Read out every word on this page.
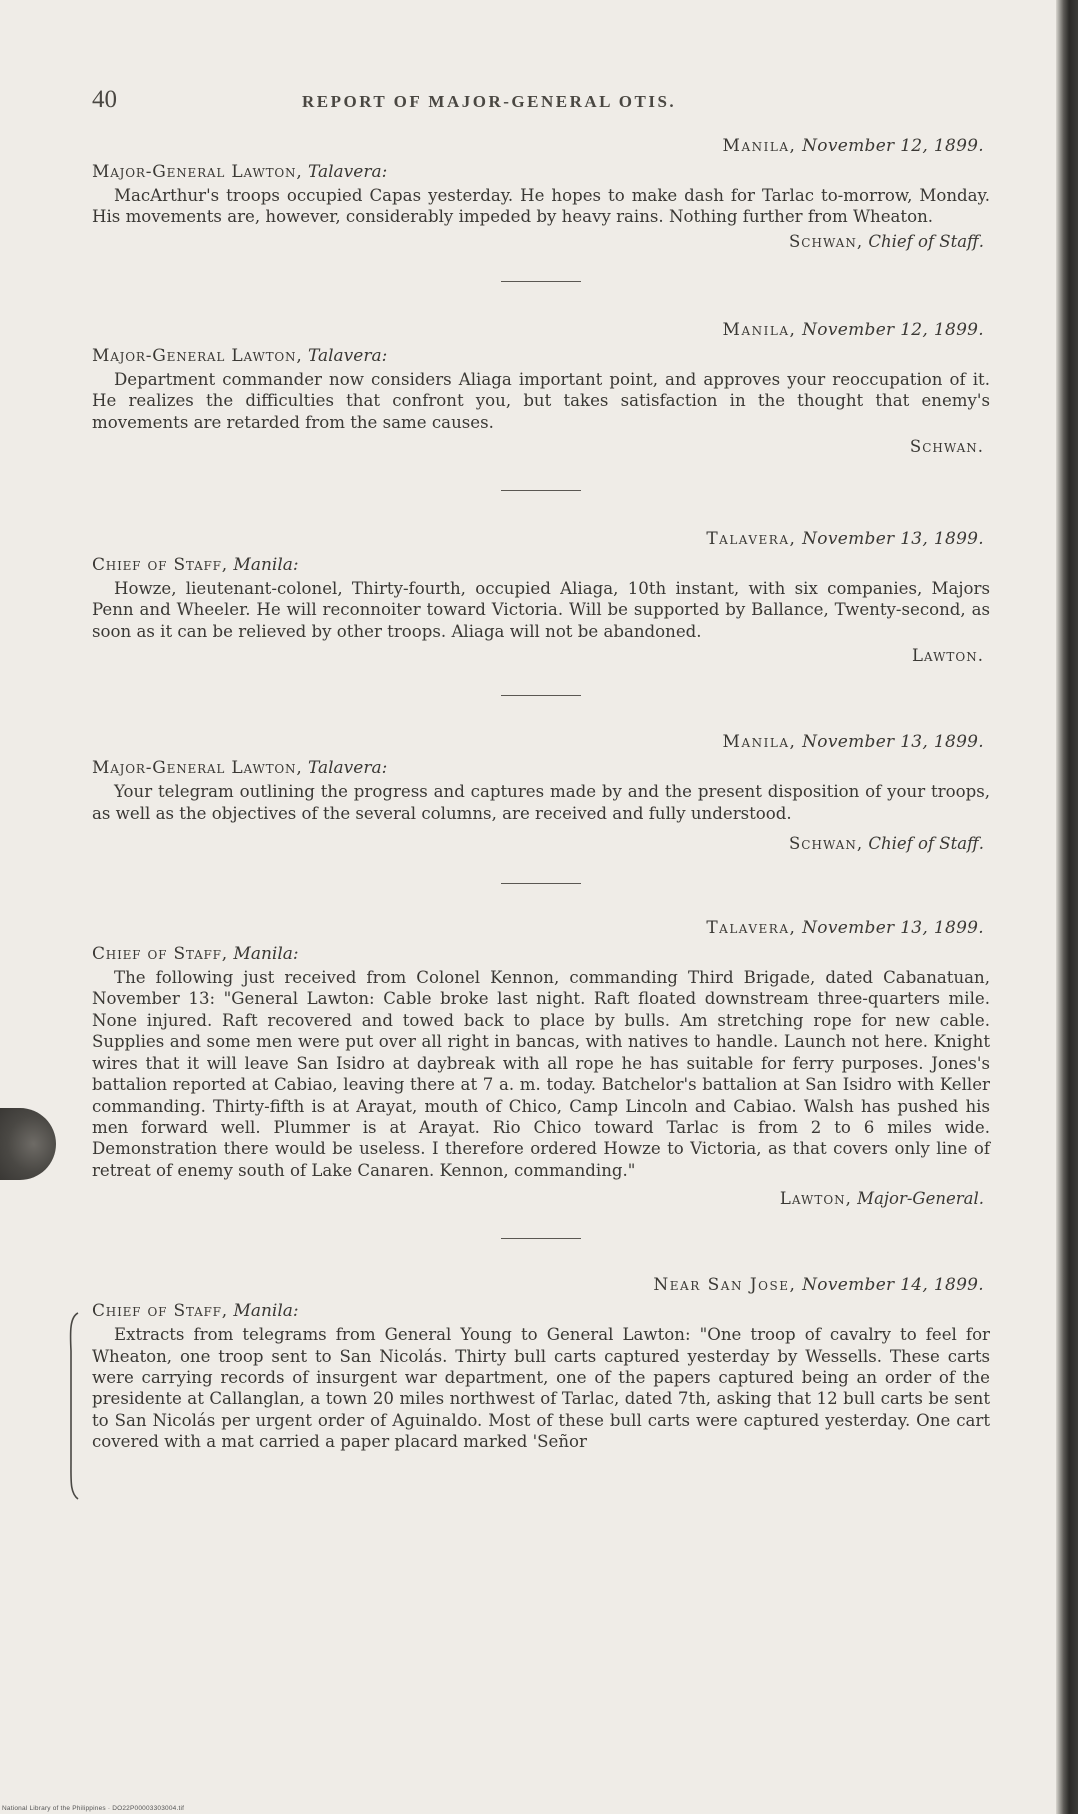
40	REPORT OF MAJOR-GENERAL OTIS.
Manila, November 12, 1899.
Major-General Lawton, Talavera:

MacArthur's troops occupied Capas yesterday. He hopes to make dash for Tarlac to-morrow, Monday. His movements are, however, considerably impeded by heavy rains. Nothing further from Wheaton.

Schwan, Chief of Staff.
Manila, November 12, 1899.
Major-General Lawton, Talavera:

Department commander now considers Aliaga important point, and approves your reoccupation of it. He realizes the difficulties that confront you, but takes satisfaction in the thought that enemy's movements are retarded from the same causes.

Schwan.
Talavera, November 13, 1899.
Chief of Staff, Manila:

Howze, lieutenant-colonel, Thirty-fourth, occupied Aliaga, 10th instant, with six companies, Majors Penn and Wheeler. He will reconnoiter toward Victoria. Will be supported by Ballance, Twenty-second, as soon as it can be relieved by other troops. Aliaga will not be abandoned.

Lawton.
Manila, November 13, 1899.
Major-General Lawton, Talavera:

Your telegram outlining the progress and captures made by and the present disposition of your troops, as well as the objectives of the several columns, are received and fully understood.

Schwan, Chief of Staff.
Talavera, November 13, 1899.
Chief of Staff, Manila:

The following just received from Colonel Kennon, commanding Third Brigade, dated Cabanatuan, November 13: "General Lawton: Cable broke last night. Raft floated downstream three-quarters mile. None injured. Raft recovered and towed back to place by bulls. Am stretching rope for new cable. Supplies and some men were put over all right in bancas, with natives to handle. Launch not here. Knight wires that it will leave San Isidro at daybreak with all rope he has suitable for ferry purposes. Jones's battalion reported at Cabiao, leaving there at 7 a. m. today. Batchelor's battalion at San Isidro with Keller commanding. Thirty-fifth is at Arayat, mouth of Chico, Camp Lincoln and Cabiao. Walsh has pushed his men forward well. Plummer is at Arayat. Rio Chico toward Tarlac is from 2 to 6 miles wide. Demonstration there would be useless. I therefore ordered Howze to Victoria, as that covers only line of retreat of enemy south of Lake Canaren. Kennon, commanding."

Lawton, Major-General.
Near San Jose, November 14, 1899.
Chief of Staff, Manila:

Extracts from telegrams from General Young to General Lawton: "One troop of cavalry to feel for Wheaton, one troop sent to San Nicolás. Thirty bull carts captured yesterday by Wessells. These carts were carrying records of insurgent war department, one of the papers captured being an order of the presidente at Callanglan, a town 20 miles northwest of Tarlac, dated 7th, asking that 12 bull carts be sent to San Nicolás per urgent order of Aguinaldo. Most of these bull carts were captured yesterday. One cart covered with a mat carried a paper placard marked 'Señor

National Library of the Philippines · DO22P00003303004.tif
